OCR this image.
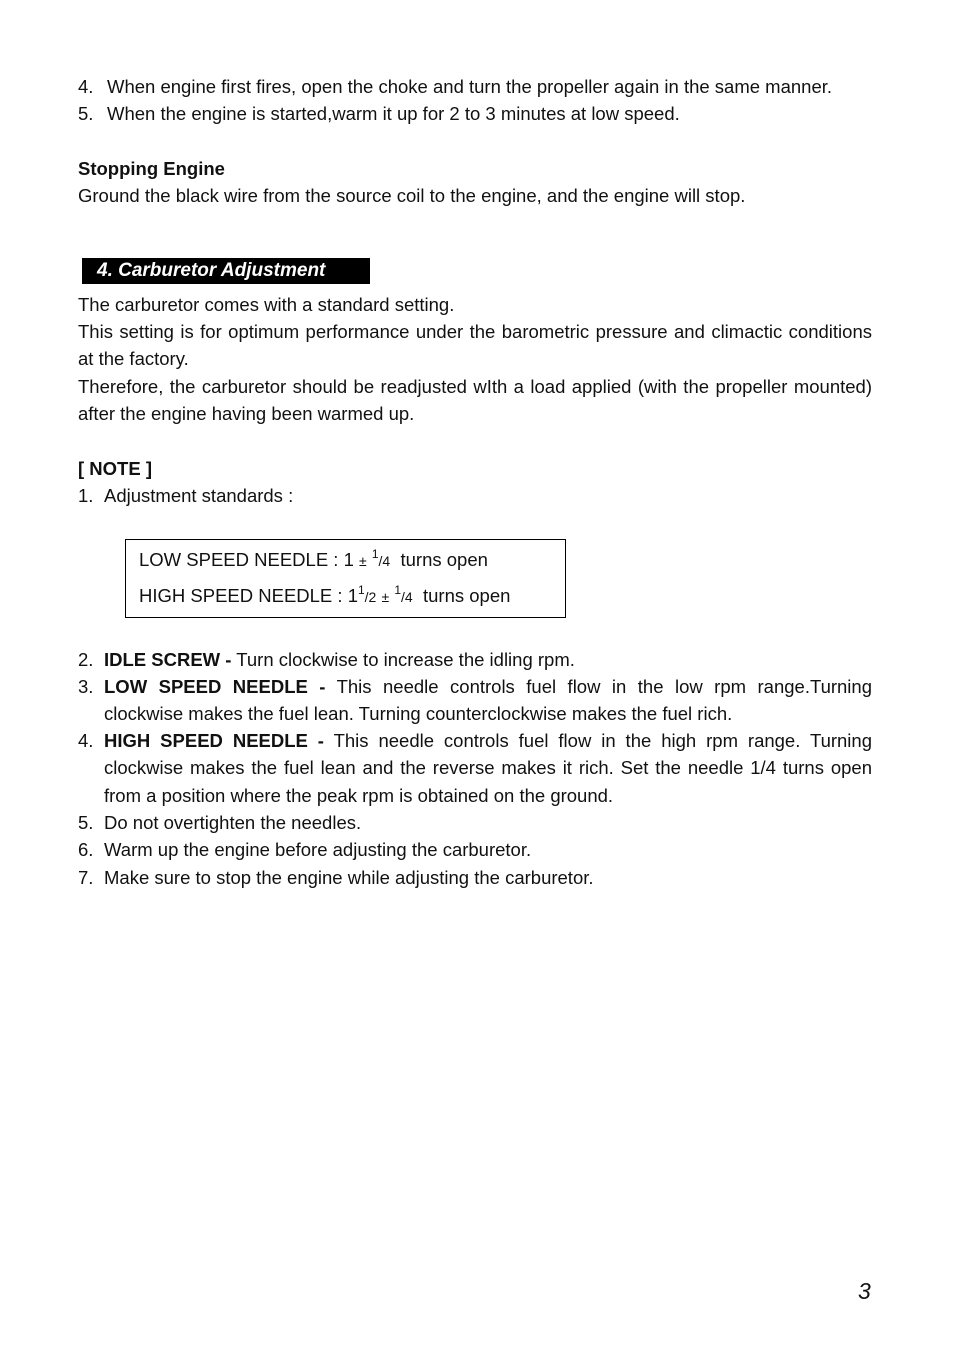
4. When engine first fires, open the choke and turn the propeller again in the same manner.
5. When the engine is started,warm it up for 2 to 3 minutes at low speed.
Stopping Engine
Ground the black wire from the source coil to the engine, and the engine will stop.
4. Carburetor Adjustment
The carburetor comes with a standard setting.
This setting is for optimum performance under the barometric pressure and climactic conditions at the factory.
Therefore, the carburetor should be readjusted wIth a load applied (with the propeller mounted) after the engine having been warmed up.
[ NOTE ]
1. Adjustment standards :
LOW SPEED NEEDLE : 1 ± $^1$/4 turns open
HIGH SPEED NEEDLE : $1^1/2 \pm ^1/4$ turns open
2. IDLE SCREW - Turn clockwise to increase the idling rpm.
3. LOW SPEED NEEDLE - This needle controls fuel flow in the low rpm range.Turning clockwise makes the fuel lean. Turning counterclockwise makes the fuel rich.
4. HIGH SPEED NEEDLE - This needle controls fuel flow in the high rpm range. Turning clockwise makes the fuel lean and the reverse makes it rich. Set the needle 1/4 turns open from a position where the peak rpm is obtained on the ground.
5. Do not overtighten the needles.
6. Warm up the engine before adjusting the carburetor.
7. Make sure to stop the engine while adjusting the carburetor.
3
